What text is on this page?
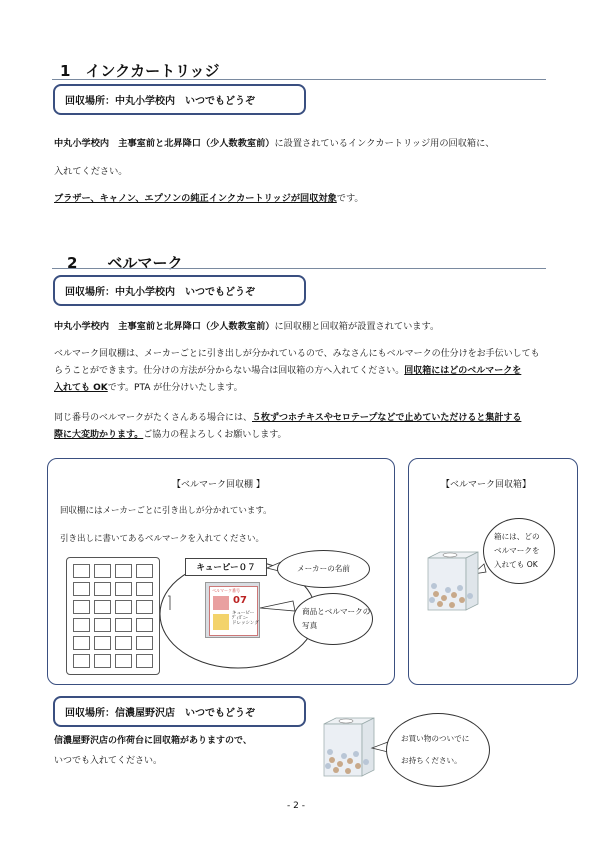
1　インクカートリッジ
回収場所：中丸小学校内　いつでもどうぞ
中丸小学校内　主事室前と北昇降口（少人数教室前）に設置されているインクカートリッジ用の回収箱に、
入れてください。
ブラザー、キャノン、エプソンの純正インクカートリッジが回収対象です。
2　　ベルマーク
回収場所：中丸小学校内　いつでもどうぞ
中丸小学校内　主事室前と北昇降口（少人数教室前）に回収棚と回収箱が設置されています。
ベルマーク回収棚は、メーカーごとに引き出しが分かれているので、みなさんにもベルマークの仕分けをお手伝いしても
らうことができます。仕分けの方法が分からない場合は回収箱の方へ入れてください。回収箱にはどのベルマークを
入れても OKです。PTA が仕分けいたします。
同じ番号のベルマークがたくさんある場合には、５枚ずつホチキスやセロテープなどで止めていただけると集計する
際に大変助かります。ご協力の程よろしくお願いします。
【ベルマーク回収棚 】
回収棚にはメーカーごとに引き出しが分かれています。
引き出しに書いてあるベルマークを入れてください。
キューピー０７
ベルマーク番号
07
キューピー
ﾃﾞｨｽﾞﾆｰ
ドレッシング
メーカーの名前
商品とベルマークの
写真
【ベルマーク回収箱】
箱には、どの
ベルマークを
入れても OK
回収場所：信濃屋野沢店　いつでもどうぞ
信濃屋野沢店の作荷台に回収箱がありますので、
いつでも入れてください。
お買い物のついでに
お持ちください。
- 2 -
